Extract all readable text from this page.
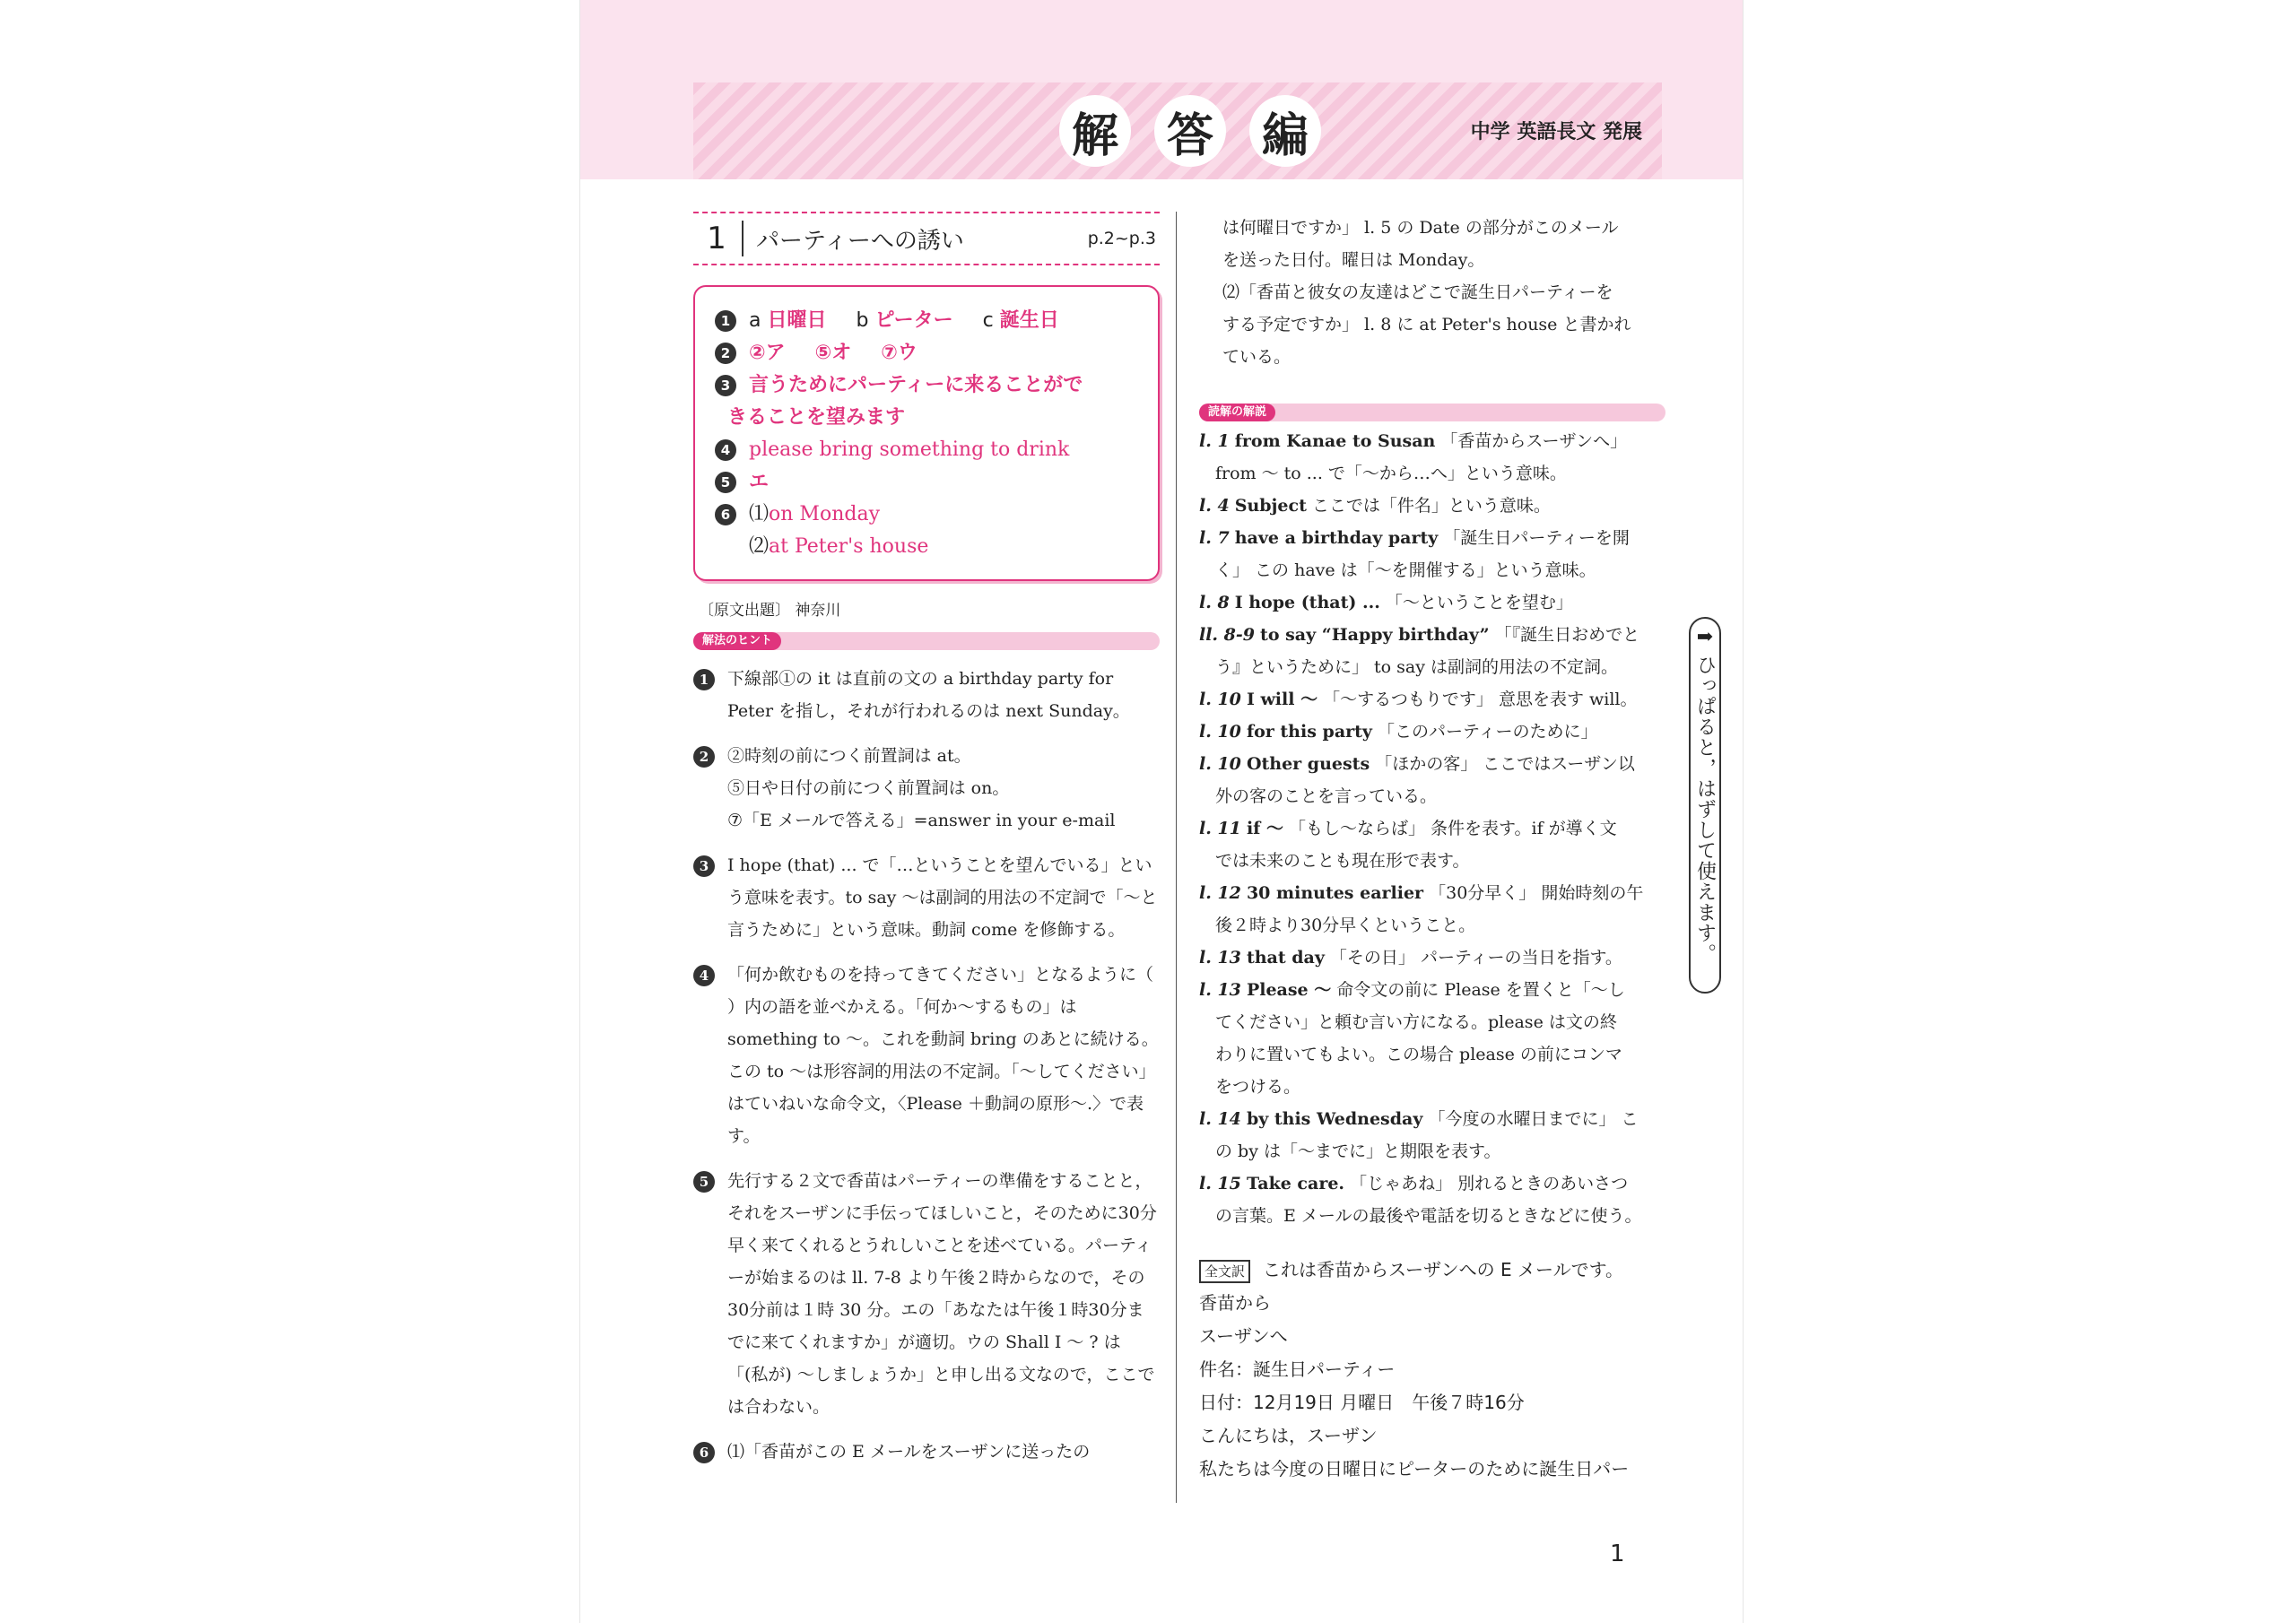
解 答 編	中学 英語長文 発展
1	パーティーへの誘い	p.2~p.3
1 a 日曜日 b ピーター c 誕生日
2 ②ア ⑤オ ⑦ウ
3 言うためにパーティーに来ることがで
きることを望みます
4 please bring something to drink
5 エ
6 ⑴on Monday
⑵at Peter's house
〔原文出題〕 神奈川
解法のヒント
1	下線部①の it は直前の文の a birthday party for Peter を指し，それが行われるのは next Sunday。
2	②時刻の前につく前置詞は at。
⑤日や日付の前につく前置詞は on。
⑦「E メールで答える」=answer in your e-mail
3	I hope (that) ... で「…ということを望んでいる」という意味を表す。to say ～は副詞的用法の不定詞で「～と言うために」という意味。動詞 come を修飾する。
4	「何か飲むものを持ってきてください」となるように（ ）内の語を並べかえる。「何か～するもの」は something to ～。これを動詞 bring のあとに続ける。この to ～は形容詞的用法の不定詞。「～してください」はていねいな命令文，〈Please ＋動詞の原形～.〉で表す。
5	先行する２文で香苗はパーティーの準備をすることと，それをスーザンに手伝ってほしいこと，そのために30分早く来てくれるとうれしいことを述べている。パーティーが始まるのは ll. 7-8 より午後２時からなので，その30分前は１時 30 分。エの「あなたは午後１時30分までに来てくれますか」が適切。ウの Shall I ～ ? は「(私が) ～しましょうか」と申し出る文なので，ここでは合わない。
6	⑴「香苗がこの E メールをスーザンに送ったの
は何曜日ですか」 l. 5 の Date の部分がこのメール
を送った日付。曜日は Monday。
⑵「香苗と彼女の友達はどこで誕生日パーティーを
する予定ですか」 l. 8 に at Peter's house と書かれ
ている。
読解の解説
l. 1 from Kanae to Susan 「香苗からスーザンへ」
from ～ to ... で「～から…へ」という意味。
l. 4 Subject ここでは「件名」という意味。
l. 7 have a birthday party 「誕生日パーティーを開
く」 この have は「～を開催する」という意味。
l. 8 I hope (that) ... 「～ということを望む」
ll. 8-9 to say “Happy birthday” 「『誕生日おめでと
う』というために」 to say は副詞的用法の不定詞。
l. 10 I will ～ 「～するつもりです」 意思を表す will。
l. 10 for this party 「このパーティーのために」
l. 10 Other guests 「ほかの客」 ここではスーザン以
外の客のことを言っている。
l. 11 if ～ 「もし～ならば」 条件を表す。if が導く文
では未来のことも現在形で表す。
l. 12 30 minutes earlier 「30分早く」 開始時刻の午
後２時より30分早くということ。
l. 13 that day 「その日」 パーティーの当日を指す。
l. 13 Please ～ 命令文の前に Please を置くと「～し
てください」と頼む言い方になる。please は文の終
わりに置いてもよい。この場合 please の前にコンマ
をつける。
l. 14 by this Wednesday 「今度の水曜日までに」 こ
の by は「～までに」と期限を表す。
l. 15 Take care. 「じゃあね」 別れるときのあいさつ
の言葉。E メールの最後や電話を切るときなどに使う。
全文訳 これは香苗からスーザンへの E メールです。
香苗から
スーザンへ
件名：誕生日パーティー
日付：12月19日 月曜日　午後７時16分
こんにちは，スーザン
私たちは今度の日曜日にピーターのために誕生日パー
➡
ひっぱると，はずして使えます。
1
